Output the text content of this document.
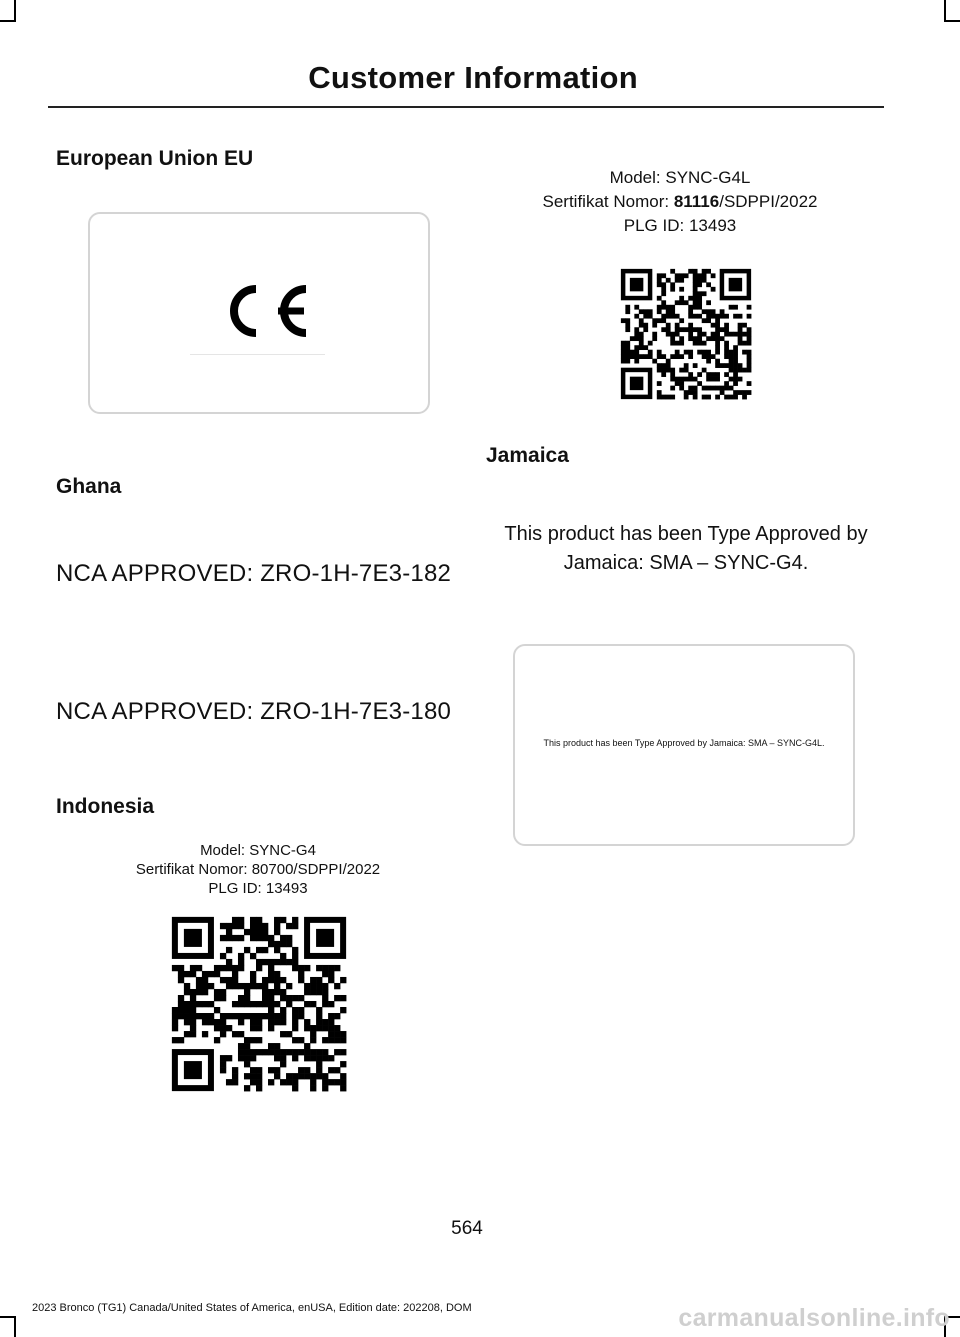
Customer Information
European Union EU
Ghana
NCA APPROVED: ZRO-1H-7E3-182
NCA APPROVED: ZRO-1H-7E3-180
Indonesia
Model: SYNC-G4
Sertifikat Nomor: 80700/SDPPI/2022
PLG ID: 13493
Model: SYNC-G4L
Sertifikat Nomor: 81116/SDPPI/2022
PLG ID: 13493
Jamaica
This product has been Type Approved by Jamaica: SMA – SYNC-G4.
This product has been Type Approved by Jamaica: SMA – SYNC-G4L.
564
2023 Bronco (TG1) Canada/United States of America, enUSA, Edition date: 202208, DOM	carmanualsonline.info
